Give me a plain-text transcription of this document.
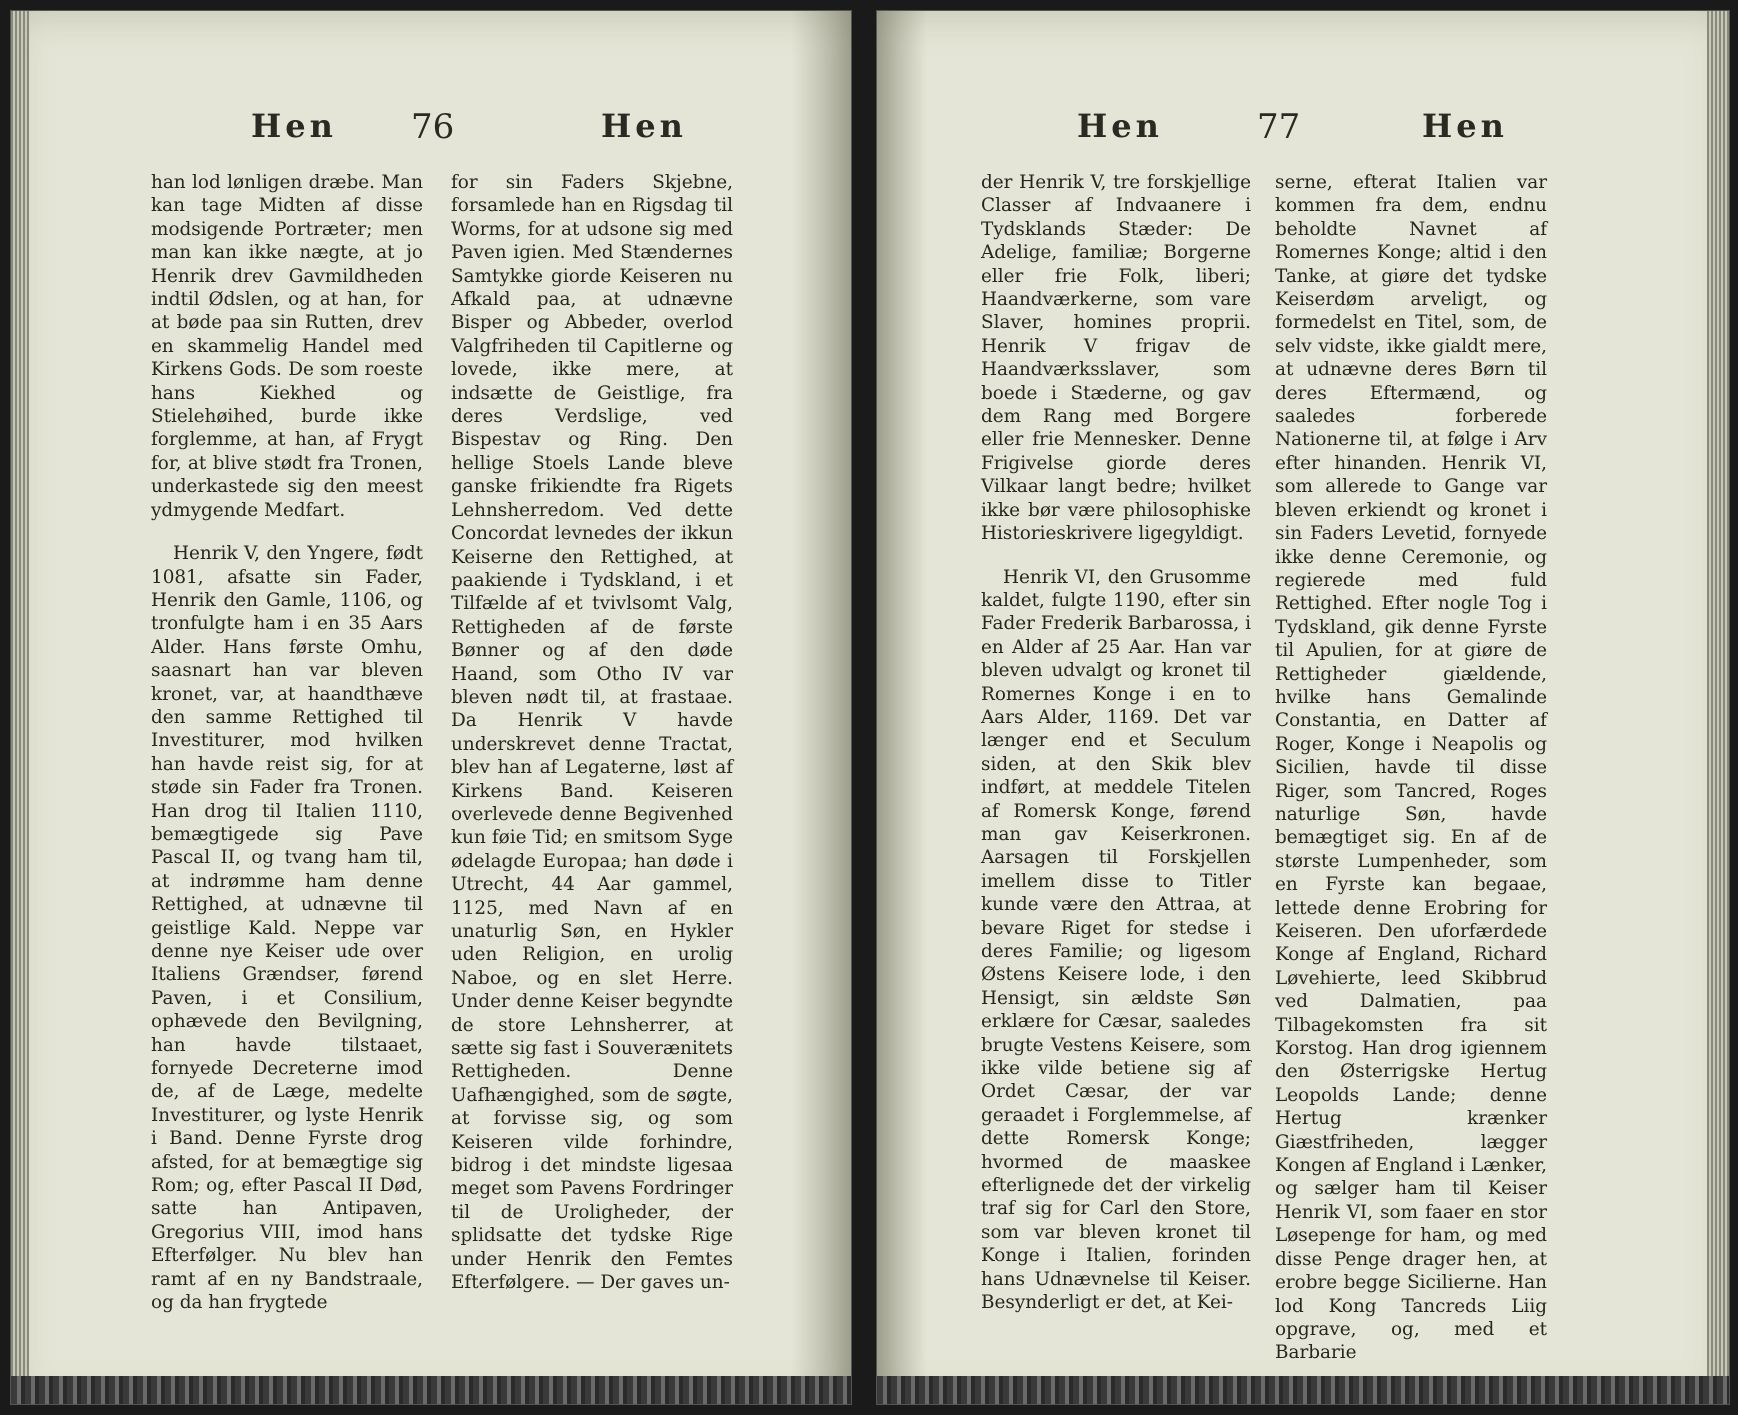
Hen 76	Hen

han lod lønligen dræbe. Man kan tage Midten af disse modsigende Portræter; men man kan ikke nægte, at jo Henrik drev Gavmildheden indtil Ødslen, og at han, for at bøde paa sin Rutten, drev en skammelig Handel med Kirkens Gods. De som roeste hans Kiekhed og Stielehøihed, burde ikke forglemme, at han, af Frygt for, at blive stødt fra Tronen, underkastede sig den meest ydmygende Medfart.

Henrik V, den Yngere, født 1081, afsatte sin Fader, Henrik den Gamle, 1106, og tronfulgte ham i en 35 Aars Alder. Hans første Omhu, saasnart han var bleven kronet, var, at haandthæve den samme Rettighed til Investiturer, mod hvilken han havde reist sig, for at støde sin Fader fra Tronen. Han drog til Italien 1110, bemægtigede sig Pave Pascal II, og tvang ham til, at indrømme ham denne Rettighed, at udnævne til geistlige Kald. Neppe var denne nye Keiser ude over Italiens Grændser, førend Paven, i et Consilium, ophævede den Bevilgning, han havde tilstaaet, fornyede Decreterne imod de, af de Læge, medelte Investiturer, og lyste Henrik i Band. Denne Fyrste drog afsted, for at bemægtige sig Rom; og, efter Pascal II Død, satte han Antipaven, Gregorius VIII, imod hans Efterfølger. Nu blev han ramt af en ny Bandstraale, og da han frygtede

for sin Faders Skjebne, forsamlede han en Rigsdag til Worms, for at udsone sig med Paven igien. Med Stændernes Samtykke giorde Keiseren nu Afkald paa, at udnævne Bisper og Abbeder, overlod Valgfriheden til Capitlerne og lovede, ikke mere, at indsætte de Geistlige, fra deres Verdslige, ved Bispestav og Ring. Den hellige Stoels Lande bleve ganske frikiendte fra Rigets Lehnsherredom. Ved dette Concordat levnedes der ikkun Keiserne den Rettighed, at paakiende i Tydskland, i et Tilfælde af et tvivlsomt Valg, Rettigheden af de første Bønner og af den døde Haand, som Otho IV var bleven nødt til, at frastaae. Da Henrik V havde underskrevet denne Tractat, blev han af Legaterne, løst af Kirkens Band. Keiseren overlevede denne Begivenhed kun føie Tid; en smitsom Syge ødelagde Europaa; han døde i Utrecht, 44 Aar gammel, 1125, med Navn af en unaturlig Søn, en Hykler uden Religion, en urolig Naboe, og en slet Herre. Under denne Keiser begyndte de store Lehnsherrer, at sætte sig fast i Souverænitets Rettigheden. Denne Uafhængighed, som de søgte, at forvisse sig, og som Keiseren vilde forhindre, bidrog i det mindste ligesaa meget som Pavens Fordringer til de Uroligheder, der splidsatte det tydske Rige under Henrik den Femtes Efterfølgere. — Der gaves un-

Hen	77	Hen

der Henrik V, tre forskjellige Classer af Indvaanere i Tydsklands Stæder: De Adelige, familiæ; Borgerne eller frie Folk, liberi; Haandværkerne, som vare Slaver, homines proprii. Henrik V frigav de Haandværksslaver, som boede i Stæderne, og gav dem Rang med Borgere eller frie Mennesker. Denne Frigivelse giorde deres Vilkaar langt bedre; hvilket ikke bør være philosophiske Historieskrivere ligegyldigt.

Henrik VI, den Grusomme kaldet, fulgte 1190, efter sin Fader Frederik Barbarossa, i en Alder af 25 Aar. Han var bleven udvalgt og kronet til Romernes Konge i en to Aars Alder, 1169. Det var længer end et Seculum siden, at den Skik blev indført, at meddele Titelen af Romersk Konge, førend man gav Keiserkronen. Aarsagen til Forskjellen imellem disse to Titler kunde være den Attraa, at bevare Riget for stedse i deres Familie; og ligesom Østens Keisere lode, i den Hensigt, sin ældste Søn erklære for Cæsar, saaledes brugte Vestens Keisere, som ikke vilde betiene sig af Ordet Cæsar, der var geraadet i Forglemmelse, af dette Romersk Konge; hvormed de maaskee efterlignede det der virkelig traf sig for Carl den Store, som var bleven kronet til Konge i Italien, forinden hans Udnævnelse til Keiser. Besynderligt er det, at Kei-

serne, efterat Italien var kommen fra dem, endnu beholdte Navnet af Romernes Konge; altid i den Tanke, at giøre det tydske Keiserdøm arveligt, og formedelst en Titel, som, de selv vidste, ikke gialdt mere, at udnævne deres Børn til deres Eftermænd, og saaledes forberede Nationerne til, at følge i Arv efter hinanden. Henrik VI, som allerede to Gange var bleven erkiendt og kronet i sin Faders Levetid, fornyede ikke denne Ceremonie, og regierede med fuld Rettighed. Efter nogle Tog i Tydskland, gik denne Fyrste til Apulien, for at giøre de Rettigheder giældende, hvilke hans Gemalinde Constantia, en Datter af Roger, Konge i Neapolis og Sicilien, havde til disse Riger, som Tancred, Roges naturlige Søn, havde bemægtiget sig. En af de største Lumpenheder, som en Fyrste kan begaae, lettede denne Erobring for Keiseren. Den uforfærdede Konge af England, Richard Løvehierte, leed Skibbrud ved Dalmatien, paa Tilbagekomsten fra sit Korstog. Han drog igiennem den Østerrigske Hertug Leopolds Lande; denne Hertug krænker Giæstfriheden, lægger Kongen af England i Lænker, og sælger ham til Keiser Henrik VI, som faaer en stor Løsepenge for ham, og med disse Penge drager hen, at erobre begge Sicilierne. Han lod Kong Tancreds Liig opgrave, og, med et Barbarie
